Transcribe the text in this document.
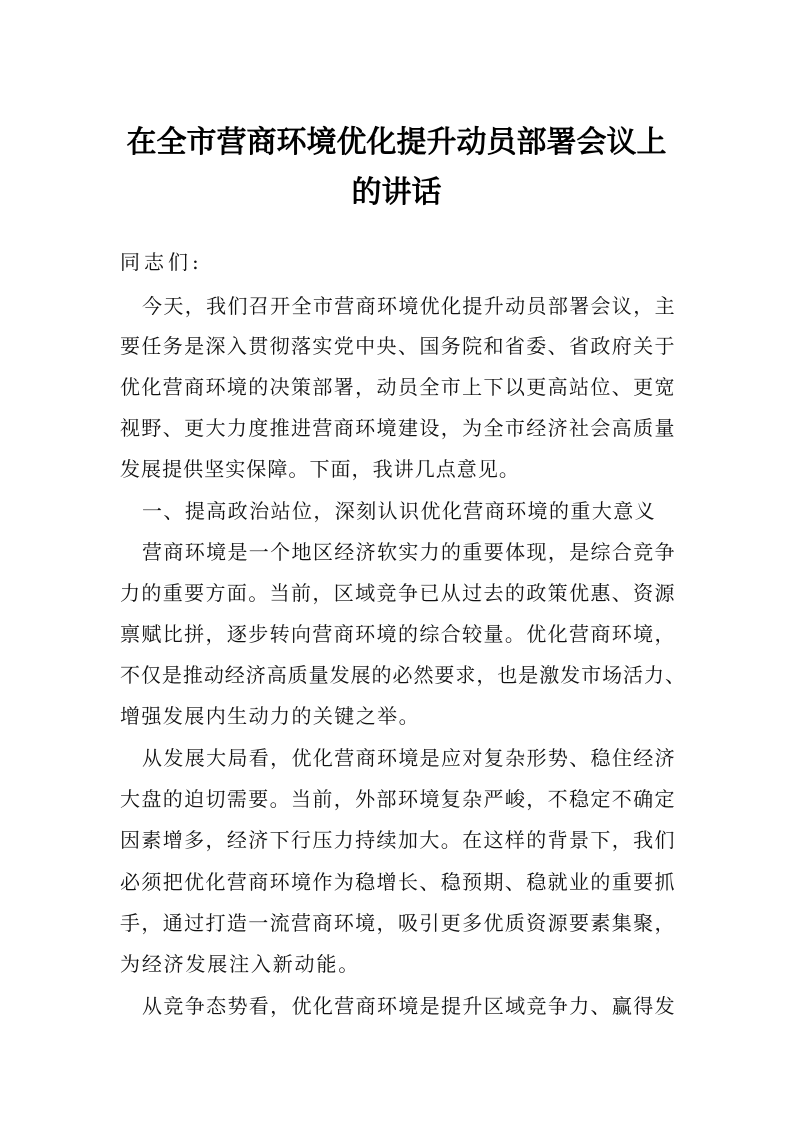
在全市营商环境优化提升动员部署会议上
的讲话
同志们:
今天，我们召开全市营商环境优化提升动员部署会议，主
要任务是深入贯彻落实党中央、国务院和省委、省政府关于
优化营商环境的决策部署，动员全市上下以更高站位、更宽
视野、更大力度推进营商环境建设，为全市经济社会高质量
发展提供坚实保障。下面，我讲几点意见。
一、提高政治站位，深刻认识优化营商环境的重大意义
营商环境是一个地区经济软实力的重要体现，是综合竞争
力的重要方面。当前，区域竞争已从过去的政策优惠、资源
禀赋比拼，逐步转向营商环境的综合较量。优化营商环境，
不仅是推动经济高质量发展的必然要求，也是激发市场活力、
增强发展内生动力的关键之举。
从发展大局看，优化营商环境是应对复杂形势、稳住经济
大盘的迫切需要。当前，外部环境复杂严峻，不稳定不确定
因素增多，经济下行压力持续加大。在这样的背景下，我们
必须把优化营商环境作为稳增长、稳预期、稳就业的重要抓
手，通过打造一流营商环境，吸引更多优质资源要素集聚，
为经济发展注入新动能。
从竞争态势看，优化营商环境是提升区域竞争力、赢得发
